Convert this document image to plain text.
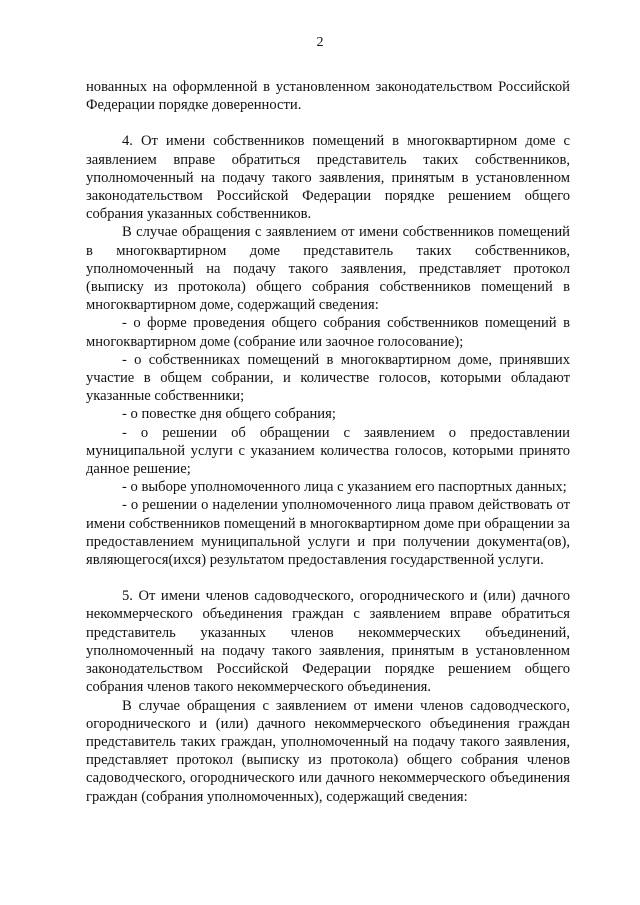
2

нованных на оформленной в установленном законодательством Российской Федерации порядке доверенности.

4. От имени собственников помещений в многоквартирном доме с заявлением вправе обратиться представитель таких собственников, уполномоченный на подачу такого заявления, принятым в установленном законодательством Российской Федерации порядке решением общего собрания указанных собственников.

В случае обращения с заявлением от имени собственников помещений в многоквартирном доме представитель таких собственников, уполномоченный на подачу такого заявления, представляет протокол (выписку из протокола) общего собрания собственников помещений в многоквартирном доме, содержащий сведения:

- о форме проведения общего собрания собственников помещений в многоквартирном доме (собрание или заочное голосование);

- о собственниках помещений в многоквартирном доме, принявших участие в общем собрании, и количестве голосов, которыми обладают указанные собственники;

- о повестке дня общего собрания;

- о решении об обращении с заявлением о предоставлении муниципальной услуги с указанием количества голосов, которыми принято данное решение;

- о выборе уполномоченного лица с указанием его паспортных данных;

- о решении о наделении уполномоченного лица правом действовать от имени собственников помещений в многоквартирном доме при обращении за предоставлением муниципальной услуги и при получении документа(ов), являющегося(ихся) результатом предоставления государственной услуги.

5. От имени членов садоводческого, огороднического и (или) дачного некоммерческого объединения граждан с заявлением вправе обратиться представитель указанных членов некоммерческих объединений, уполномоченный на подачу такого заявления, принятым в установленном законодательством Российской Федерации порядке решением общего собрания членов такого некоммерческого объединения.

В случае обращения с заявлением от имени членов садоводческого, огороднического и (или) дачного некоммерческого объединения граждан представитель таких граждан, уполномоченный на подачу такого заявления, представляет протокол (выписку из протокола) общего собрания членов садоводческого, огороднического или дачного некоммерческого объединения граждан (собрания уполномоченных), содержащий сведения:
